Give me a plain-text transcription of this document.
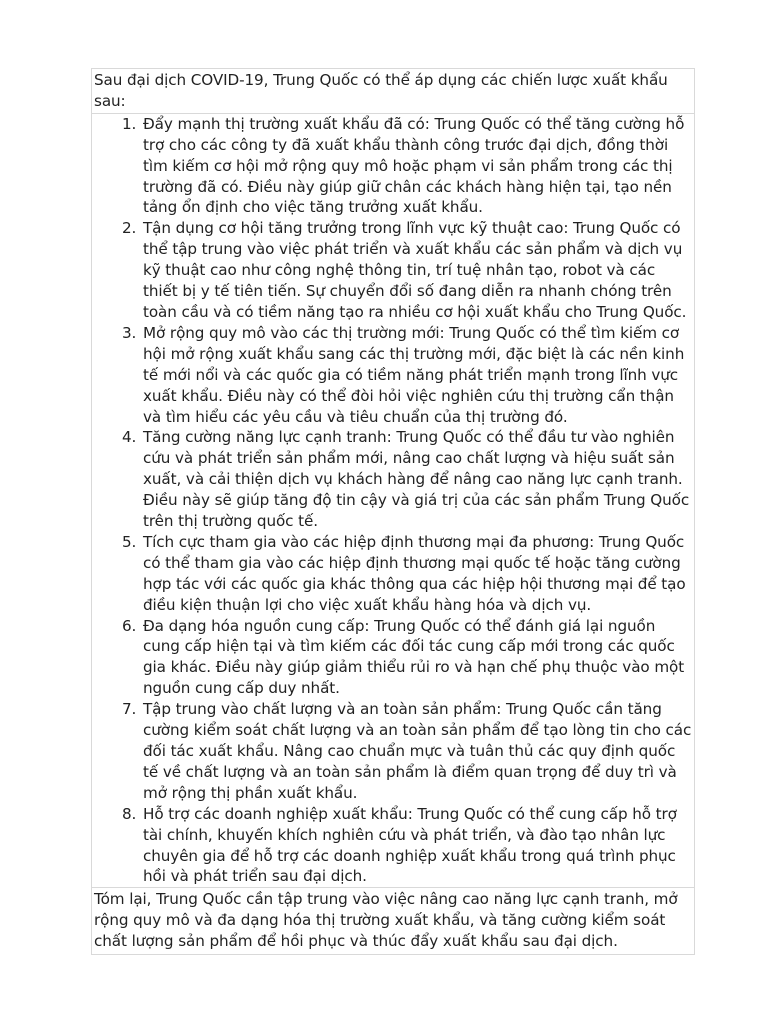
Sau đại dịch COVID-19, Trung Quốc có thể áp dụng các chiến lược xuất khẩu sau:
1. Đẩy mạnh thị trường xuất khẩu đã có: Trung Quốc có thể tăng cường hỗ trợ cho các công ty đã xuất khẩu thành công trước đại dịch, đồng thời tìm kiếm cơ hội mở rộng quy mô hoặc phạm vi sản phẩm trong các thị trường đã có. Điều này giúp giữ chân các khách hàng hiện tại, tạo nền tảng ổn định cho việc tăng trưởng xuất khẩu.
2. Tận dụng cơ hội tăng trưởng trong lĩnh vực kỹ thuật cao: Trung Quốc có thể tập trung vào việc phát triển và xuất khẩu các sản phẩm và dịch vụ kỹ thuật cao như công nghệ thông tin, trí tuệ nhân tạo, robot và các thiết bị y tế tiên tiến. Sự chuyển đổi số đang diễn ra nhanh chóng trên toàn cầu và có tiềm năng tạo ra nhiều cơ hội xuất khẩu cho Trung Quốc.
3. Mở rộng quy mô vào các thị trường mới: Trung Quốc có thể tìm kiếm cơ hội mở rộng xuất khẩu sang các thị trường mới, đặc biệt là các nền kinh tế mới nổi và các quốc gia có tiềm năng phát triển mạnh trong lĩnh vực xuất khẩu. Điều này có thể đòi hỏi việc nghiên cứu thị trường cẩn thận và tìm hiểu các yêu cầu và tiêu chuẩn của thị trường đó.
4. Tăng cường năng lực cạnh tranh: Trung Quốc có thể đầu tư vào nghiên cứu và phát triển sản phẩm mới, nâng cao chất lượng và hiệu suất sản xuất, và cải thiện dịch vụ khách hàng để nâng cao năng lực cạnh tranh. Điều này sẽ giúp tăng độ tin cậy và giá trị của các sản phẩm Trung Quốc trên thị trường quốc tế.
5. Tích cực tham gia vào các hiệp định thương mại đa phương: Trung Quốc có thể tham gia vào các hiệp định thương mại quốc tế hoặc tăng cường hợp tác với các quốc gia khác thông qua các hiệp hội thương mại để tạo điều kiện thuận lợi cho việc xuất khẩu hàng hóa và dịch vụ.
6. Đa dạng hóa nguồn cung cấp: Trung Quốc có thể đánh giá lại nguồn cung cấp hiện tại và tìm kiếm các đối tác cung cấp mới trong các quốc gia khác. Điều này giúp giảm thiểu rủi ro và hạn chế phụ thuộc vào một nguồn cung cấp duy nhất.
7. Tập trung vào chất lượng và an toàn sản phẩm: Trung Quốc cần tăng cường kiểm soát chất lượng và an toàn sản phẩm để tạo lòng tin cho các đối tác xuất khẩu. Nâng cao chuẩn mực và tuân thủ các quy định quốc tế về chất lượng và an toàn sản phẩm là điểm quan trọng để duy trì và mở rộng thị phần xuất khẩu.
8. Hỗ trợ các doanh nghiệp xuất khẩu: Trung Quốc có thể cung cấp hỗ trợ tài chính, khuyến khích nghiên cứu và phát triển, và đào tạo nhân lực chuyên gia để hỗ trợ các doanh nghiệp xuất khẩu trong quá trình phục hồi và phát triển sau đại dịch.
Tóm lại, Trung Quốc cần tập trung vào việc nâng cao năng lực cạnh tranh, mở rộng quy mô và đa dạng hóa thị trường xuất khẩu, và tăng cường kiểm soát chất lượng sản phẩm để hồi phục và thúc đẩy xuất khẩu sau đại dịch.
